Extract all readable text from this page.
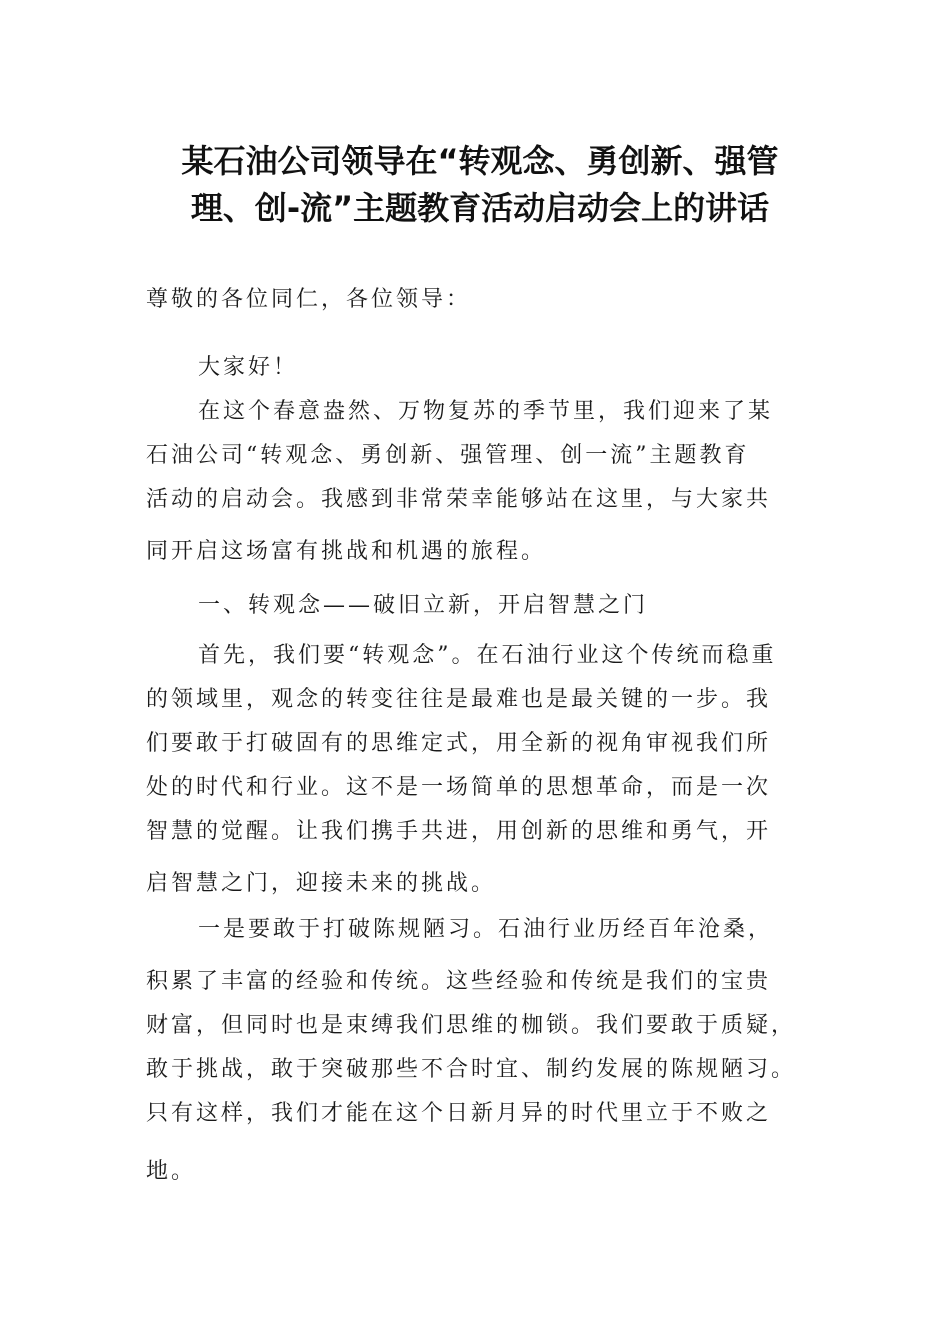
某石油公司领导在“转观念、勇创新、强管
理、创-流”主题教育活动启动会上的讲话
尊敬的各位同仁，各位领导：
大家好！
在这个春意盎然、万物复苏的季节里，我们迎来了某
石油公司“转观念、勇创新、强管理、创一流”主题教育
活动的启动会。我感到非常荣幸能够站在这里，与大家共
同开启这场富有挑战和机遇的旅程。
一、转观念——破旧立新，开启智慧之门
首先，我们要“转观念”。在石油行业这个传统而稳重
的领域里，观念的转变往往是最难也是最关键的一步。我
们要敢于打破固有的思维定式，用全新的视角审视我们所
处的时代和行业。这不是一场简单的思想革命，而是一次
智慧的觉醒。让我们携手共进，用创新的思维和勇气，开
启智慧之门，迎接未来的挑战。
一是要敢于打破陈规陋习。石油行业历经百年沧桑，
积累了丰富的经验和传统。这些经验和传统是我们的宝贵
财富，但同时也是束缚我们思维的枷锁。我们要敢于质疑，
敢于挑战，敢于突破那些不合时宜、制约发展的陈规陋习。
只有这样，我们才能在这个日新月异的时代里立于不败之
地。
